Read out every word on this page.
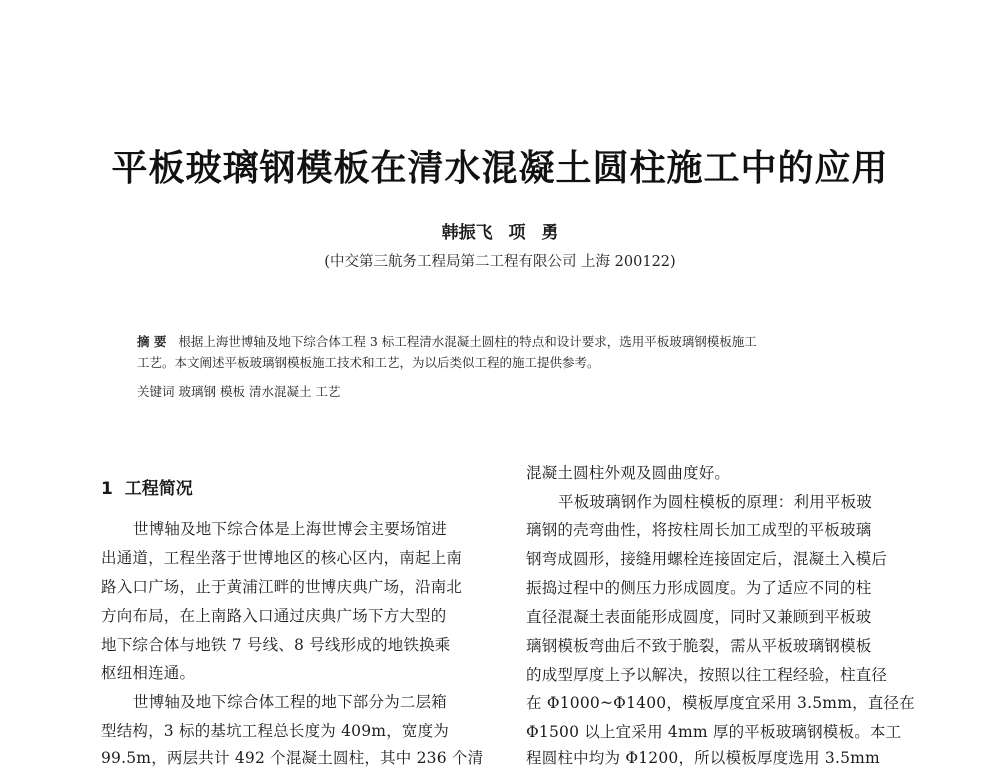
平板玻璃钢模板在清水混凝土圆柱施工中的应用
韩振飞 项 勇
(中交第三航务工程局第二工程有限公司 上海 200122)
摘 要 根据上海世博轴及地下综合体工程 3 标工程清水混凝土圆柱的特点和设计要求，选用平板玻璃钢模板施工
工艺。本文阐述平板玻璃钢模板施工技术和工艺，为以后类似工程的施工提供参考。
关键词 玻璃钢 模板 清水混凝土 工艺
1 工程简况
世博轴及地下综合体是上海世博会主要场馆进
出通道，工程坐落于世博地区的核心区内，南起上南
路入口广场，止于黄浦江畔的世博庆典广场，沿南北
方向布局，在上南路入口通过庆典广场下方大型的
地下综合体与地铁 7 号线、8 号线形成的地铁换乘
枢纽相连通。
世博轴及地下综合体工程的地下部分为二层箱
型结构，3 标的基坑工程总长度为 409m，宽度为
99.5m，两层共计 492 个混凝土圆柱，其中 236 个清
混凝土圆柱外观及圆曲度好。
平板玻璃钢作为圆柱模板的原理：利用平板玻
璃钢的壳弯曲性，将按柱周长加工成型的平板玻璃
钢弯成圆形，接缝用螺栓连接固定后，混凝土入模后
振捣过程中的侧压力形成圆度。为了适应不同的柱
直径混凝土表面能形成圆度，同时又兼顾到平板玻
璃钢模板弯曲后不致于脆裂，需从平板玻璃钢模板
的成型厚度上予以解决，按照以往工程经验，柱直径
在 Φ1000~Φ1400，模板厚度宜采用 3.5mm，直径在
Φ1500 以上宜采用 4mm 厚的平板玻璃钢模板。本工
程圆柱中均为 Φ1200，所以模板厚度选用 3.5mm
